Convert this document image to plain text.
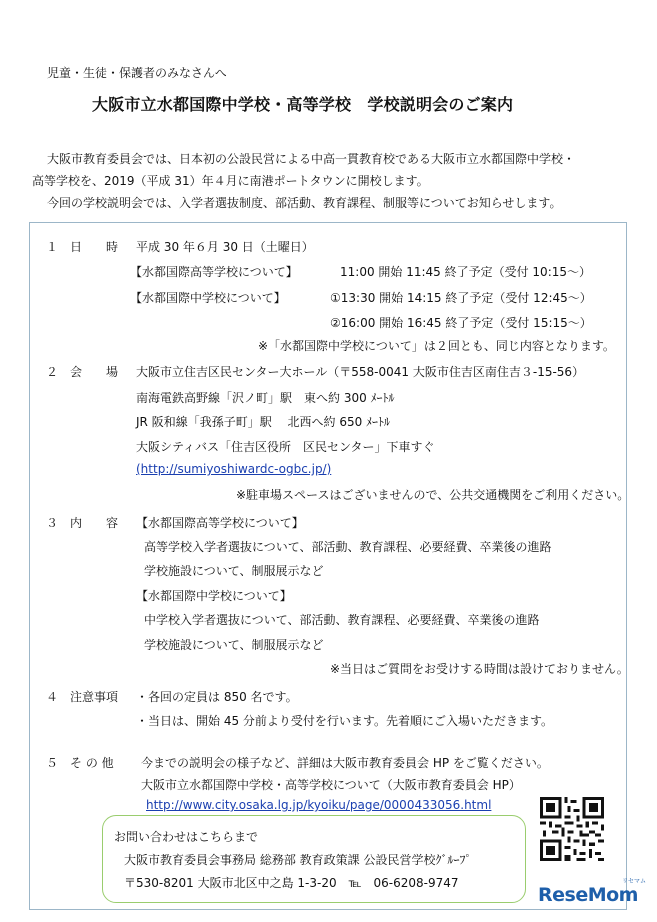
児童・生徒・保護者のみなさんへ
大阪市立水都国際中学校・高等学校　学校説明会のご案内
大阪市教育委員会では、日本初の公設民営による中高一貫教育校である大阪市立水都国際中学校・
高等学校を、2019（平成 31）年４月に南港ポートタウンに開校します。
今回の学校説明会では、入学者選抜制度、部活動、教育課程、制服等についてお知らせします。
１ 日　　時 平成 30 年６月 30 日（土曜日）
【水都国際高等学校について】	11:00 開始 11:45 終了予定（受付 10:15～）
【水都国際中学校について】	①13:30 開始 14:15 終了予定（受付 12:45～）
②16:00 開始 16:45 終了予定（受付 15:15～）
※「水都国際中学校について」は２回とも、同じ内容となります。
２ 会　　場 大阪市立住吉区民センター大ホール（〒558-0041 大阪市住吉区南住吉３-15-56）
南海電鉄高野線「沢ノ町」駅　東へ約 300 ﾒｰﾄﾙ
JR 阪和線「我孫子町」駅　 北西へ約 650 ﾒｰﾄﾙ
大阪シティバス「住吉区役所　区民センター」下車すぐ
(http://sumiyoshiwardc-ogbc.jp/)
※駐車場スペースはございませんので、公共交通機関をご利用ください。
３ 内　　容 【水都国際高等学校について】
高等学校入学者選抜について、部活動、教育課程、必要経費、卒業後の進路
学校施設について、制服展示など
【水都国際中学校について】
中学校入学者選抜について、部活動、教育課程、必要経費、卒業後の進路
学校施設について、制服展示など
※当日はご質問をお受けする時間は設けておりません。
４ 注意事項 ・各回の定員は 850 名です。
・当日は、開始 45 分前より受付を行います。先着順にご入場いただきます。
５ そ の 他 今までの説明会の様子など、詳細は大阪市教育委員会 HP をご覧ください。
大阪市立水都国際中学校・高等学校について（大阪市教育委員会 HP）
http://www.city.osaka.lg.jp/kyoiku/page/0000433056.html
お問い合わせはこちらまで
大阪市教育委員会事務局 総務部 教育政策課 公設民営学校ｸﾞﾙｰﾌﾟ
〒530-8201 大阪市北区中之島 1-3-20　℡　06-6208-9747	リセマム
ReseMom
